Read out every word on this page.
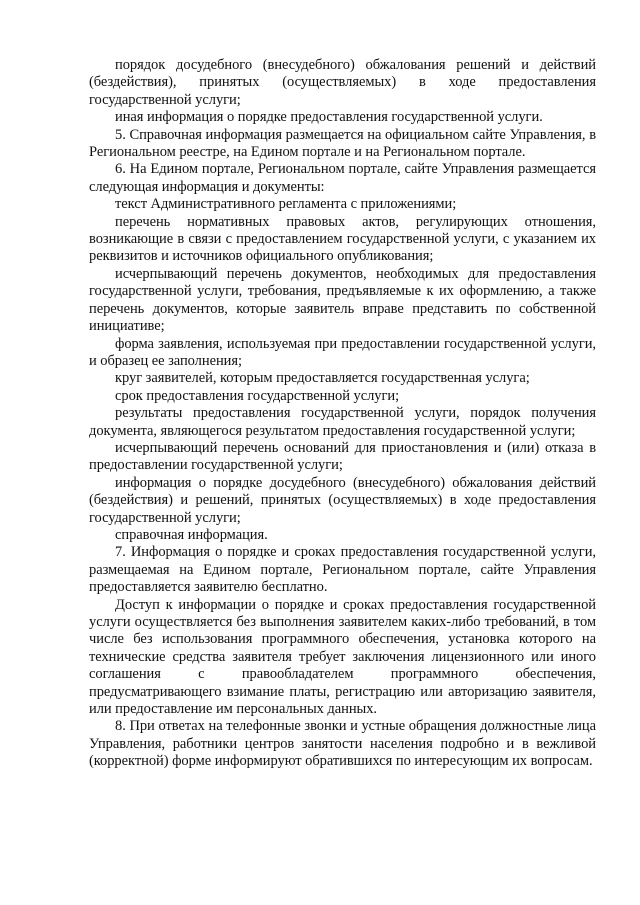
порядок досудебного (внесудебного) обжалования решений и действий (бездействия), принятых (осуществляемых) в ходе предоставления государственной услуги;

иная информация о порядке предоставления государственной услуги.

5. Справочная информация размещается на официальном сайте Управления, в Региональном реестре, на Едином портале и на Региональном портале.

6. На Едином портале, Региональном портале, сайте Управления размещается следующая информация и документы:

текст Административного регламента с приложениями;

перечень нормативных правовых актов, регулирующих отношения, возникающие в связи с предоставлением государственной услуги, с указанием их реквизитов и источников официального опубликования;

исчерпывающий перечень документов, необходимых для предоставления государственной услуги, требования, предъявляемые к их оформлению, а также перечень документов, которые заявитель вправе представить по собственной инициативе;

форма заявления, используемая при предоставлении государственной услуги, и образец ее заполнения;

круг заявителей, которым предоставляется государственная услуга;

срок предоставления государственной услуги;

результаты предоставления государственной услуги, порядок получения документа, являющегося результатом предоставления государственной услуги;

исчерпывающий перечень оснований для приостановления и (или) отказа в предоставлении государственной услуги;

информация о порядке досудебного (внесудебного) обжалования действий (бездействия) и решений, принятых (осуществляемых) в ходе предоставления государственной услуги;

справочная информация.

7. Информация о порядке и сроках предоставления государственной услуги, размещаемая на Едином портале, Региональном портале, сайте Управления предоставляется заявителю бесплатно.

Доступ к информации о порядке и сроках предоставления государственной услуги осуществляется без выполнения заявителем каких-либо требований, в том числе без использования программного обеспечения, установка которого на технические средства заявителя требует заключения лицензионного или иного соглашения с правообладателем программного обеспечения, предусматривающего взимание платы, регистрацию или авторизацию заявителя, или предоставление им персональных данных.

8. При ответах на телефонные звонки и устные обращения должностные лица Управления, работники центров занятости населения подробно и в вежливой (корректной) форме информируют обратившихся по интересующим их вопросам.
